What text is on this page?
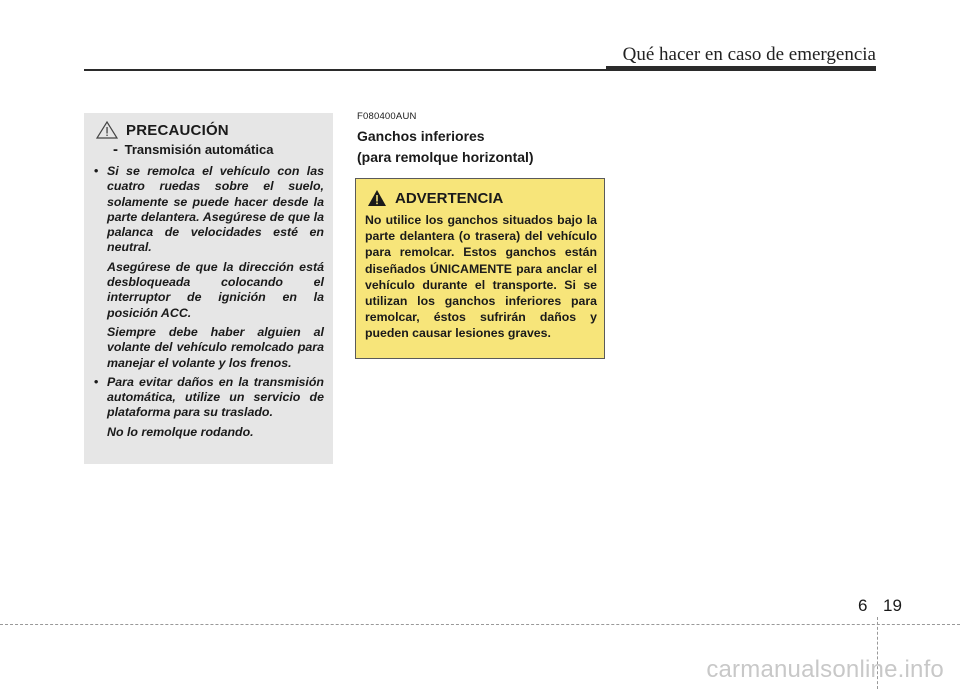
Qué hacer en caso de emergencia
PRECAUCIÓN
- Transmisión automática
• Si se remolca el vehículo con las cuatro ruedas sobre el suelo, solamente se puede hacer desde la parte delantera. Asegúrese de que la palanca de velocidades esté en neutral.

Asegúrese de que la dirección está desbloqueada colocando el interruptor de ignición en la posición ACC.

Siempre debe haber alguien al volante del vehículo remolcado para manejar el volante y los frenos.

• Para evitar daños en la transmisión automática, utilize un servicio de plataforma para su traslado.

No lo remolque rodando.

F080400AUN
Ganchos inferiores
(para remolque horizontal)
ADVERTENCIA

No utilice los ganchos situados bajo la parte delantera (o trasera) del vehículo para remolcar. Estos ganchos están diseñados ÚNICAMENTE para anclar el vehículo durante el transporte. Si se utilizan los ganchos inferiores para remolcar, éstos sufrirán daños y pueden causar lesiones graves.

6 19
carmanualsonline.info
